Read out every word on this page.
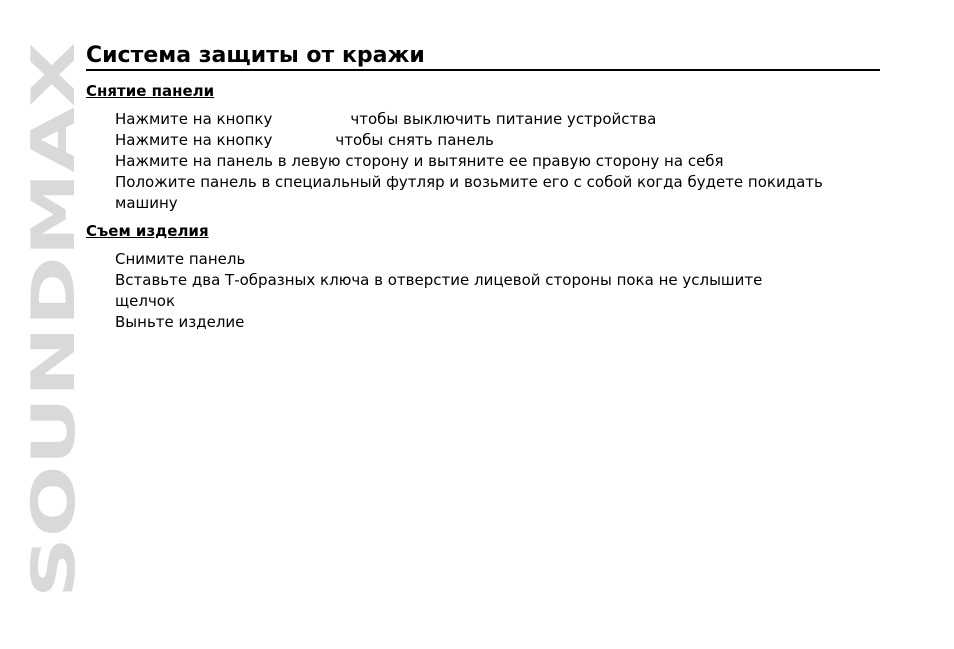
SOUNDMAX
Система защиты от кражи
Снятие панели
Нажмите на кнопку	чтобы выключить питание устройства
Нажмите на кнопку	чтобы снять панель
Нажмите на панель в левую сторону и вытяните ее правую сторону на себя
Положите панель в специальный футляр и возьмите его с собой когда будете покидать машину
Съем изделия
Снимите панель
Вставьте два Т-образных ключа в отверстие лицевой стороны пока не услышите щелчок
Выньте изделие
